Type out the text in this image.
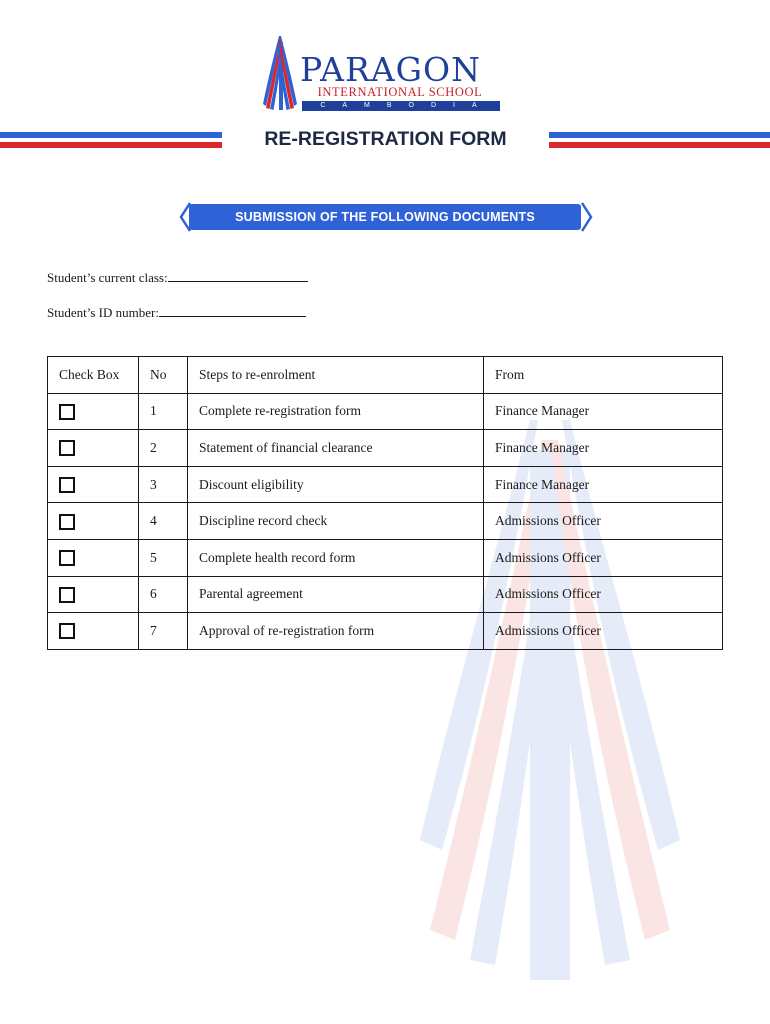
PARAGON
INTERNATIONAL SCHOOL
CAMBODIA
RE-REGISTRATION FORM
SUBMISSION OF THE FOLLOWING DOCUMENTS
Student’s current class:
Student’s ID number:
Check Box	No	Steps to re-enrolment	From
	1	Complete re-registration form	Finance Manager
	2	Statement of financial clearance	Finance Manager
	3	Discount eligibility	Finance Manager
	4	Discipline record check	Admissions Officer
	5	Complete health record form	Admissions Officer
	6	Parental agreement	Admissions Officer
	7	Approval of re-registration form	Admissions Officer
